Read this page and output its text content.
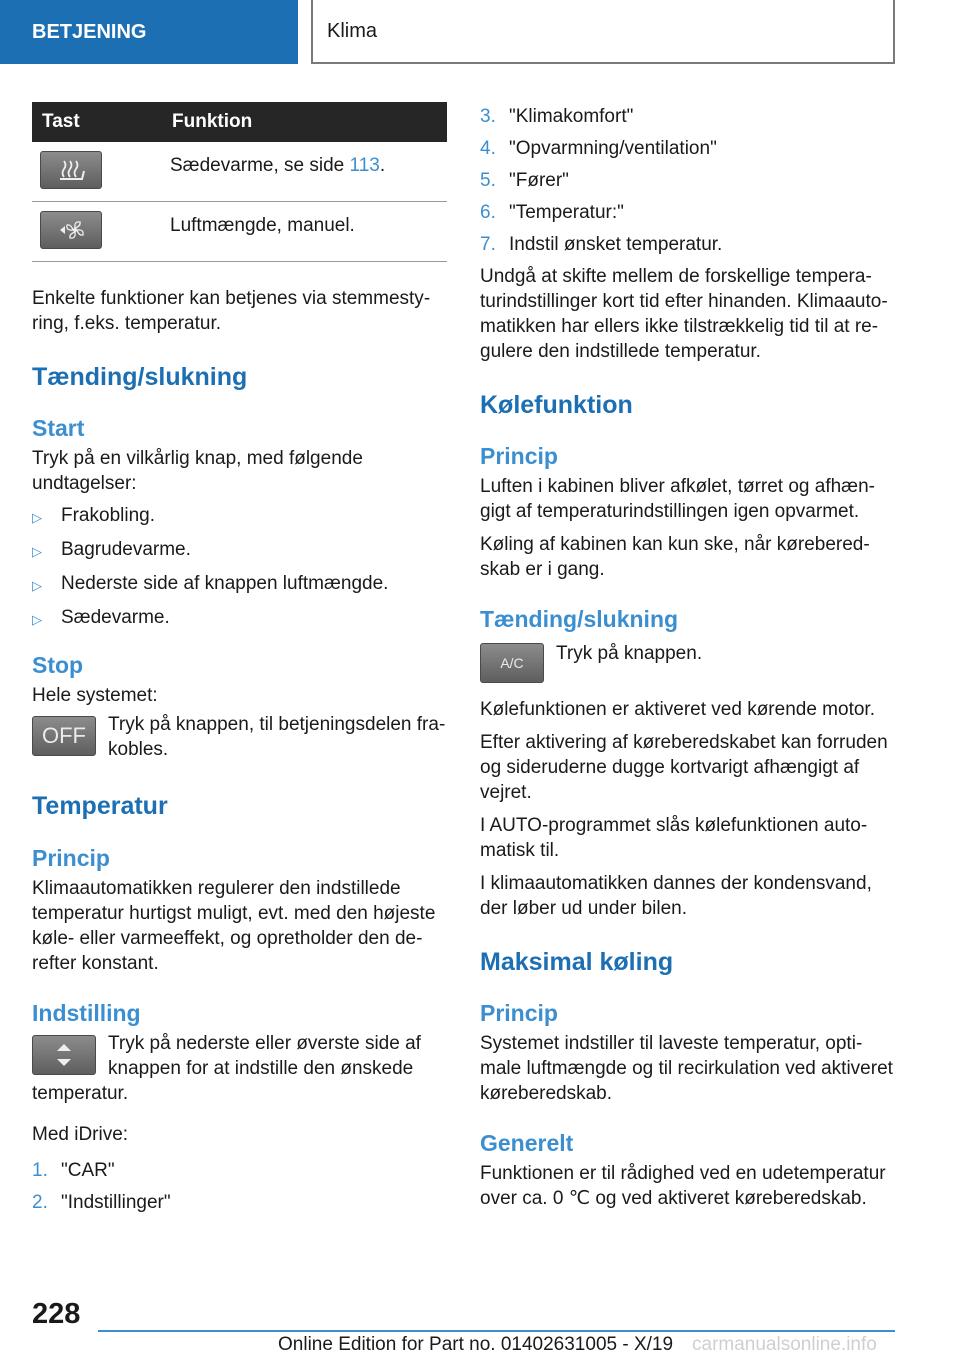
BETJENING	Klima
Tast	Funktion

Sædevarme, se side 113.

Luftmængde, manuel.

Enkelte funktioner kan betjenes via stemmestyring, f.eks. temperatur.

Tænding/slukning
Start

Tryk på en vilkårlig knap, med følgende undtagelser:

▷	Frakobling.
▷	Bagrudevarme.
▷	Nederste side af knappen luftmængde.
▷	Sædevarme.
Stop

Hele systemet:

OFF	Tryk på knappen, til betjeningsdelen frakobles.

Temperatur
Princip

Klimaautomatikken regulerer den indstillede temperatur hurtigst muligt, evt. med den højeste køle- eller varmeeffekt, og opretholder den derefter konstant.

Indstilling

Tryk på nederste eller øverste side af knappen for at indstille den ønskede temperatur.

Med iDrive:

1. "CAR"
2. "Indstillinger"
3. "Klimakomfort"
4. "Opvarmning/ventilation"
5. "Fører"
6. "Temperatur:"
7. Indstil ønsket temperatur.

Undgå at skifte mellem de forskellige temperaturindstillinger kort tid efter hinanden. Klimaautomatikken har ellers ikke tilstrækkelig tid til at regulere den indstillede temperatur.

Kølefunktion
Princip

Luften i kabinen bliver afkølet, tørret og afhængigt af temperaturindstillingen igen opvarmet.

Køling af kabinen kan kun ske, når køreberedskab er i gang.

Tænding/slukning
A/C	Tryk på knappen.

Kølefunktionen er aktiveret ved kørende motor.

Efter aktivering af køreberedskabet kan forruden og sideruderne dugge kortvarigt afhængigt af vejret.

I AUTO-programmet slås kølefunktionen automatisk til.

I klimaautomatikken dannes der kondensvand, der løber ud under bilen.

Maksimal køling
Princip

Systemet indstiller til laveste temperatur, optimale luftmængde og til recirkulation ved aktiveret køreberedskab.

Generelt

Funktionen er til rådighed ved en udetemperatur over ca. 0 ℃ og ved aktiveret køreberedskab.

228
Online Edition for Part no. 01402631005 - X/19 carmanualsonline.info
